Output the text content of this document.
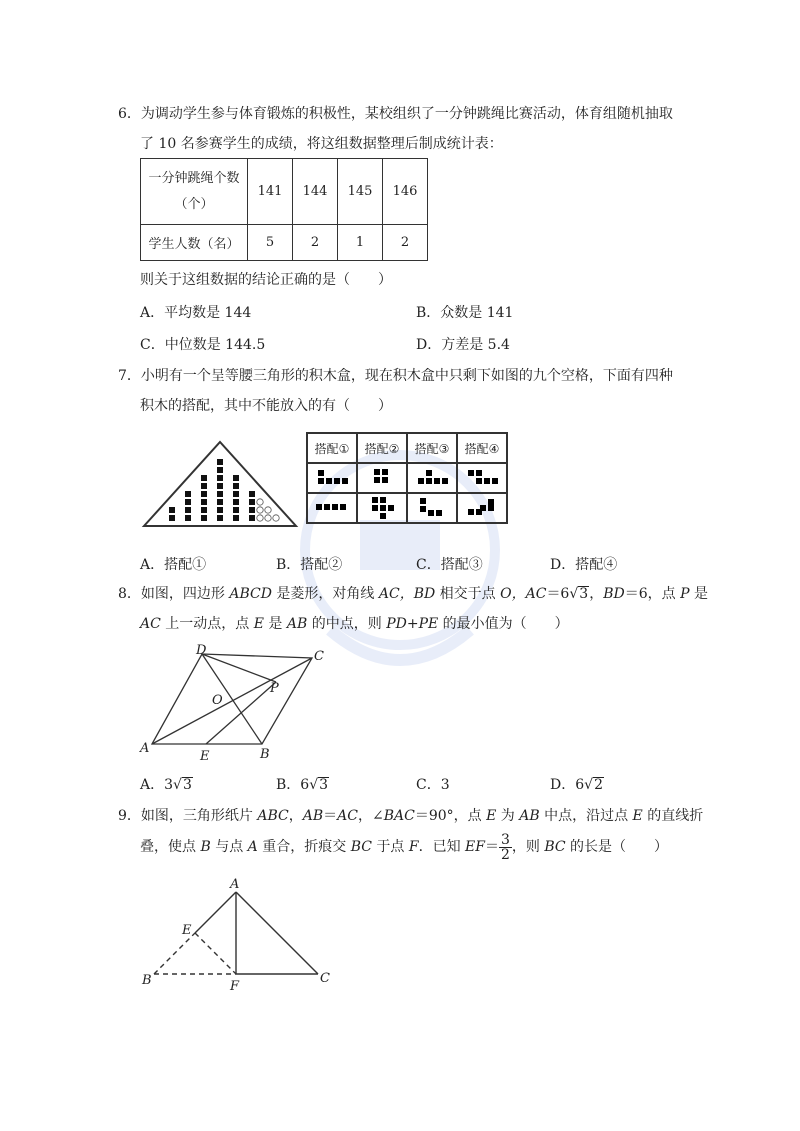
6．为调动学生参与体育锻炼的积极性，某校组织了一分钟跳绳比赛活动，体育组随机抽取
了 10 名参赛学生的成绩，将这组数据整理后制成统计表：
一分钟跳绳个数
（个）	141	144	145	146
学生人数（名）	5	2	1	2
则关于这组数据的结论正确的是（　　）
A．平均数是 144	B．众数是 141
C．中位数是 144.5	D．方差是 5.4
7．小明有一个呈等腰三角形的积木盒，现在积木盒中只剩下如图的九个空格，下面有四种
积木的搭配，其中不能放入的有（　　）
搭配①	搭配②	搭配③	搭配④

A．搭配①	B．搭配②	C．搭配③	D．搭配④
8．如图，四边形 ABCD 是菱形，对角线 AC，BD 相交于点 O，AC＝6√3，BD＝6，点 P 是
AC 上一动点，点 E 是 AB 的中点，则 PD+PE 的最小值为（　　）
D	C
O
P
A
E	B
A．3√3	B．6√3	C．3	D．6√2
9．如图，三角形纸片 ABC，AB＝AC，∠BAC＝90°，点 E 为 AB 中点，沿过点 E 的直线折
叠，使点 B 与点 A 重合，折痕交 BC 于点 F．已知 $EF= \frac{3}{2}$ ，则 BC 的长是（　　）
A
E
B	F
C
